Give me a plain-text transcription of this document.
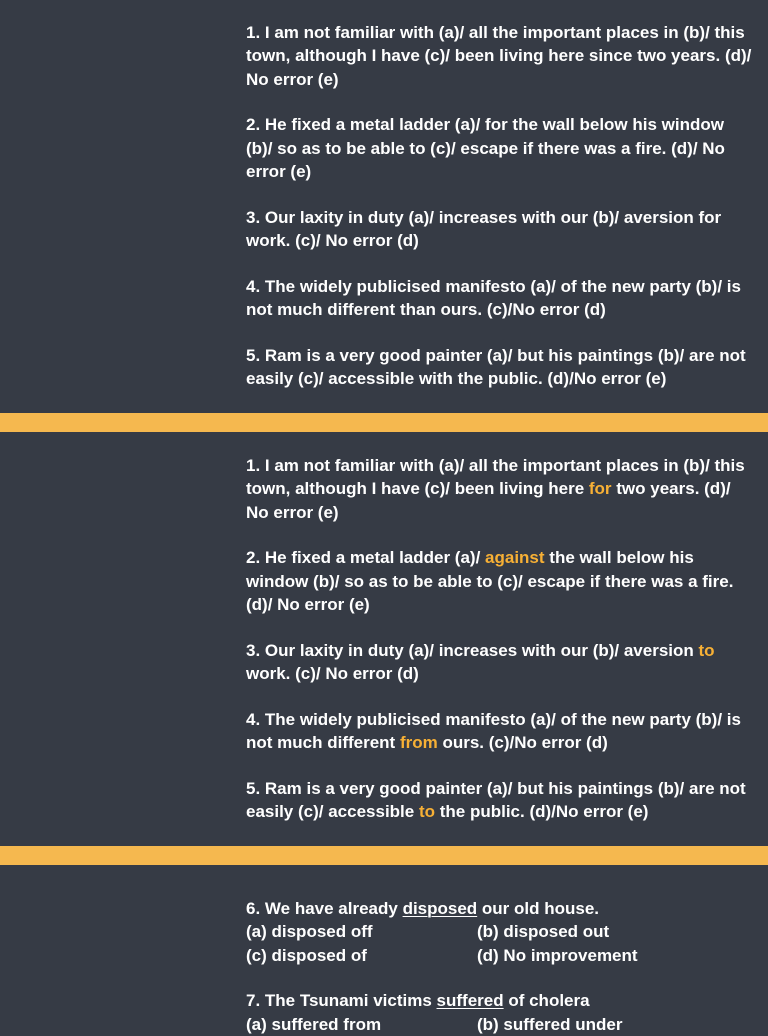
1. I am not familiar with (a)/ all the important places in (b)/ this
town, although I have (c)/ been living here since two years. (d)/
No error (e)
2. He fixed a metal ladder (a)/ for the wall below his window
(b)/ so as to be able to (c)/ escape if there was a fire. (d)/ No
error (e)
3. Our laxity in duty (a)/ increases with our (b)/ aversion for
work. (c)/ No error (d)
4. The widely publicised manifesto (a)/ of the new party (b)/ is
not much different than ours. (c)/No error (d)
5. Ram is a very good painter (a)/ but his paintings (b)/ are not
easily (c)/ accessible with the public. (d)/No error (e)
1. I am not familiar with (a)/ all the important places in (b)/ this
town, although I have (c)/ been living here for two years. (d)/
No error (e)
2. He fixed a metal ladder (a)/ against the wall below his
window (b)/ so as to be able to (c)/ escape if there was a fire.
(d)/ No error (e)
3. Our laxity in duty (a)/ increases with our (b)/ aversion to
work. (c)/ No error (d)
4. The widely publicised manifesto (a)/ of the new party (b)/ is
not much different from ours. (c)/No error (d)
5. Ram is a very good painter (a)/ but his paintings (b)/ are not
easily (c)/ accessible to the public. (d)/No error (e)
6. We have already disposed our old house.
(a) disposed off	(b) disposed out
(c) disposed of	(d) No improvement
7. The Tsunami victims suffered of cholera
(a) suffered from	(b) suffered under
